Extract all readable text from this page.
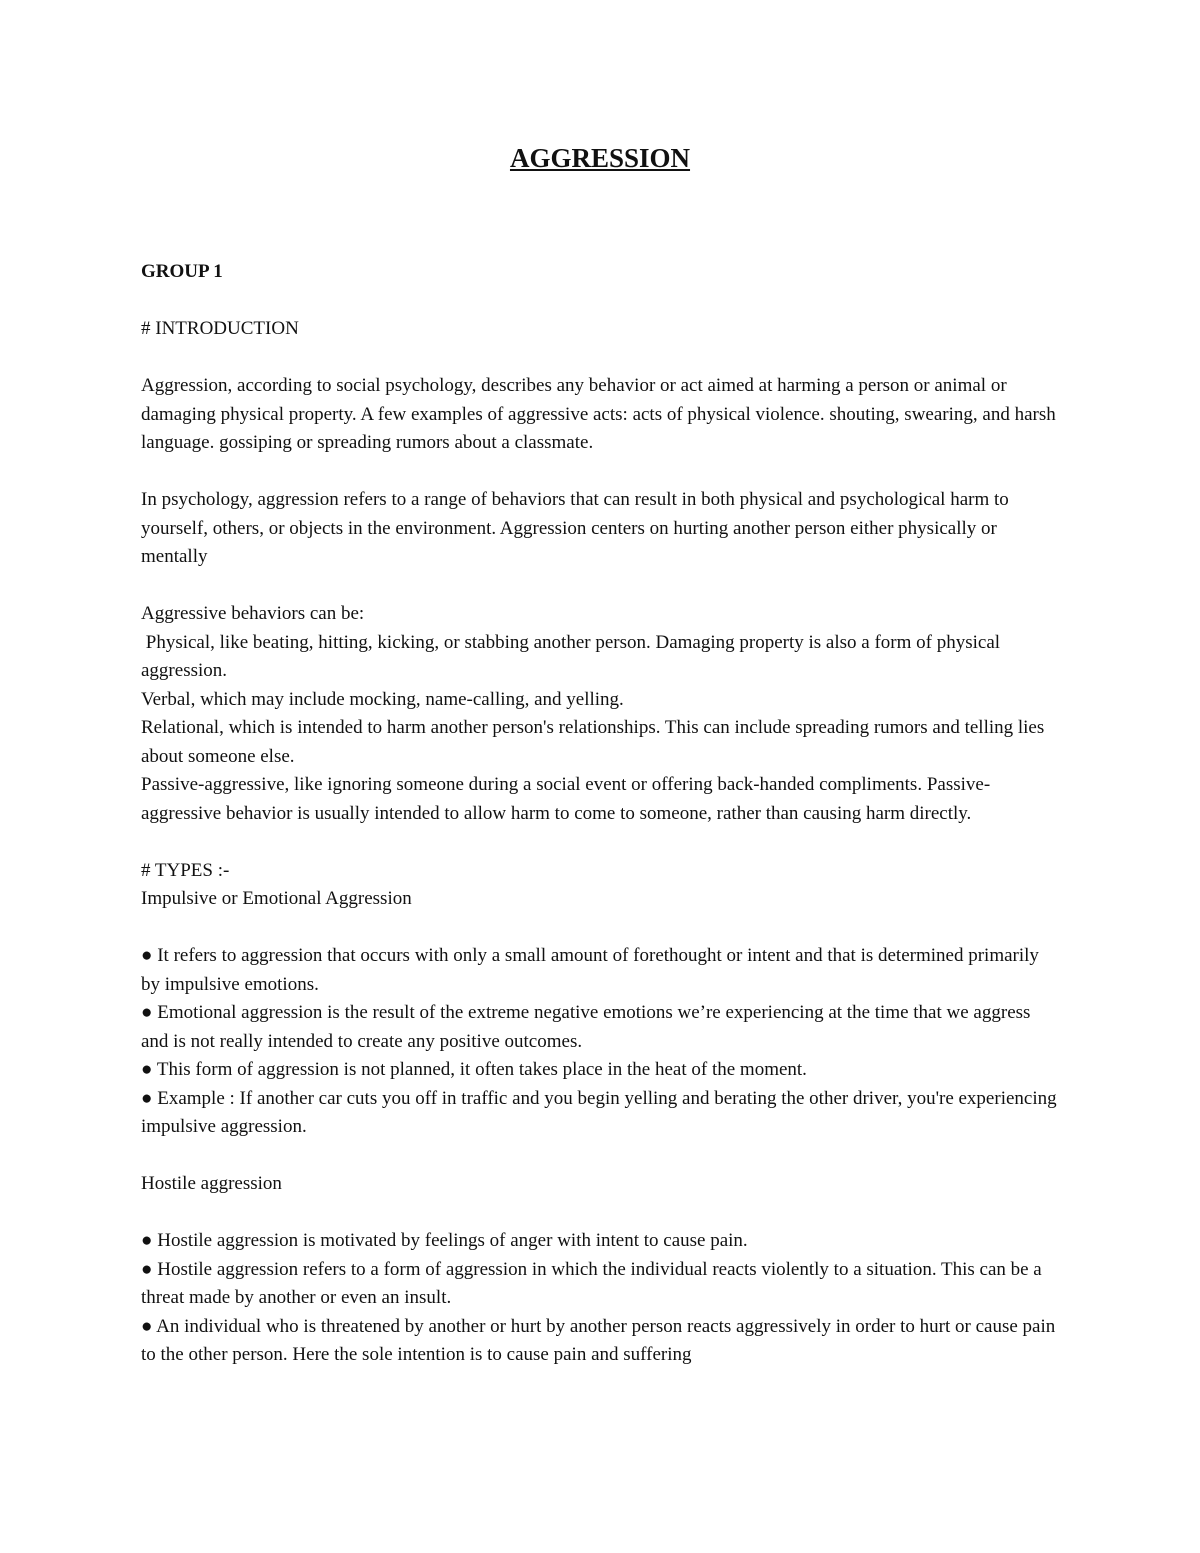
AGGRESSION

GROUP 1

# INTRODUCTION

Aggression, according to social psychology, describes any behavior or act aimed at harming a person or animal or damaging physical property. A few examples of aggressive acts: acts of physical violence. shouting, swearing, and harsh language. gossiping or spreading rumors about a classmate.

In psychology, aggression refers to a range of behaviors that can result in both physical and psychological harm to yourself, others, or objects in the environment. Aggression centers on hurting another person either physically or mentally

Aggressive behaviors can be:

Physical, like beating, hitting, kicking, or stabbing another person. Damaging property is also a form of physical aggression.

Verbal, which may include mocking, name-calling, and yelling.

Relational, which is intended to harm another person's relationships. This can include spreading rumors and telling lies about someone else.

Passive-aggressive, like ignoring someone during a social event or offering back-handed compliments. Passive-aggressive behavior is usually intended to allow harm to come to someone, rather than causing harm directly.

# TYPES :-

Impulsive or Emotional Aggression

● It refers to aggression that occurs with only a small amount of forethought or intent and that is determined primarily by impulsive emotions.

● Emotional aggression is the result of the extreme negative emotions we’re experiencing at the time that we aggress and is not really intended to create any positive outcomes.

● This form of aggression is not planned, it often takes place in the heat of the moment.

● Example : If another car cuts you off in traffic and you begin yelling and berating the other driver, you're experiencing impulsive aggression.

Hostile aggression

● Hostile aggression is motivated by feelings of anger with intent to cause pain.

● Hostile aggression refers to a form of aggression in which the individual reacts violently to a situation. This can be a threat made by another or even an insult.

● An individual who is threatened by another or hurt by another person reacts aggressively in order to hurt or cause pain to the other person. Here the sole intention is to cause pain and suffering
